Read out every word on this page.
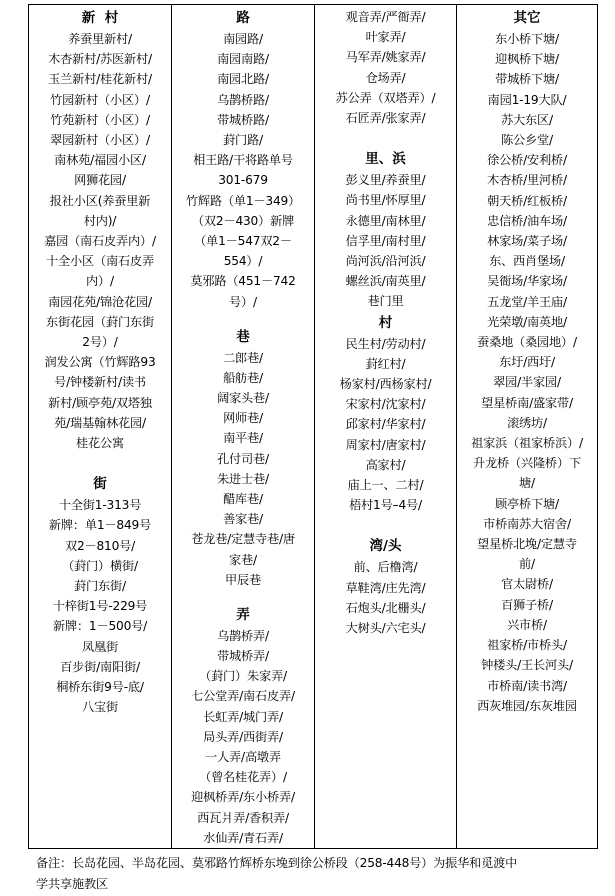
新  村
养蚕里新村/
木杏新村/苏医新村/
玉兰新村/桂花新村/
竹园新村（小区）/
竹苑新村（小区）/
翠园新村（小区）/
南林苑/福园小区/
网狮花园/
报社小区(养蚕里新
村内)/
嘉园（南石皮弄内）/
十全小区（南石皮弄
内）/
南园花苑/锦沧花园/
东街花园（葑门东街
2号）/
润发公寓（竹辉路93
号/钟楼新村/读书
新村/顾亭苑/双塔独
苑/瑞基翰林花园/
桂花公寓
街
十全街1-313号
新牌：单1－849号
双2－810号/
（葑门）横街/
葑门东街/
十梓街1号-229号
新牌：1－500号/
凤凰街
百步街/南阳街/
桐桥东街9号-底/
八宝街
路
南园路/
南园南路/
南园北路/
乌鹊桥路/
带城桥路/
葑门路/
相王路/干将路单号
301-679
竹辉路（单1－349）
（双2－430）新牌
（单1－547双2－
554）/
莫邪路（451－742
号）/
巷
二郎巷/
船舫巷/
阔家头巷/
网师巷/
南平巷/
孔付司巷/
朱进士巷/
醋库巷/
善家巷/
苍龙巷/定慧寺巷/唐
家巷/
甲辰巷
弄
乌鹊桥弄/
带城桥弄/
（葑门）朱家弄/
七公堂弄/南石皮弄/
长虹弄/城门弄/
局头弄/西街弄/
一人弄/高墩弄
（曾名桂花弄）/
迎枫桥弄/东小桥弄/
西瓦爿弄/香积弄/
水仙弄/青石弄/
观音弄/严衙弄/
叶家弄/
马军弄/姚家弄/
仓场弄/
苏公弄（双塔弄）/
石匠弄/张家弄/
里、浜
彭义里/养蚕里/
尚书里/怀厚里/
永德里/南林里/
信孚里/南村里/
尚河浜/沿河浜/
螺丝浜/南英里/
巷门里
村
民生村/劳动村/
葑红村/
杨家村/西杨家村/
宋家村/沈家村/
邱家村/华家村/
周家村/唐家村/
高家村/
庙上一、二村/
梧村1号–4号/
湾/头
前、后橹湾/
草鞋湾/庄先湾/
石炮头/北栅头/
大树头/六宅头/
其它
东小桥下塘/
迎枫桥下塘/
带城桥下塘/
南园1-19大队/
苏大东区/
陈公乡堂/
徐公桥/安利桥/
木杏桥/里河桥/
朝天桥/红板桥/
忠信桥/油车场/
林家场/菜子场/
东、西肖堡场/
吴衙场/华家场/
五龙堂/羊王庙/
光荣墩/南英地/
蚕桑地（桑园地）/
东圩/西圩/
翠园/半家园/
望星桥南/盛家带/
滚绣坊/
祖家浜（祖家桥浜）/
升龙桥（兴隆桥）下
塘/
顾亭桥下塘/
市桥南苏大宿舍/
望星桥北堍/定慧寺
前/
官太尉桥/
百狮子桥/
兴市桥/
祖家桥/市桥头/
钟楼头/王长河头/
市桥南/读书湾/
西灰堆园/东灰堆园
备注：长岛花园、半岛花园、莫邪路竹辉桥东堍到徐公桥段（258-448号）为振华和觅渡中
学共享施教区
